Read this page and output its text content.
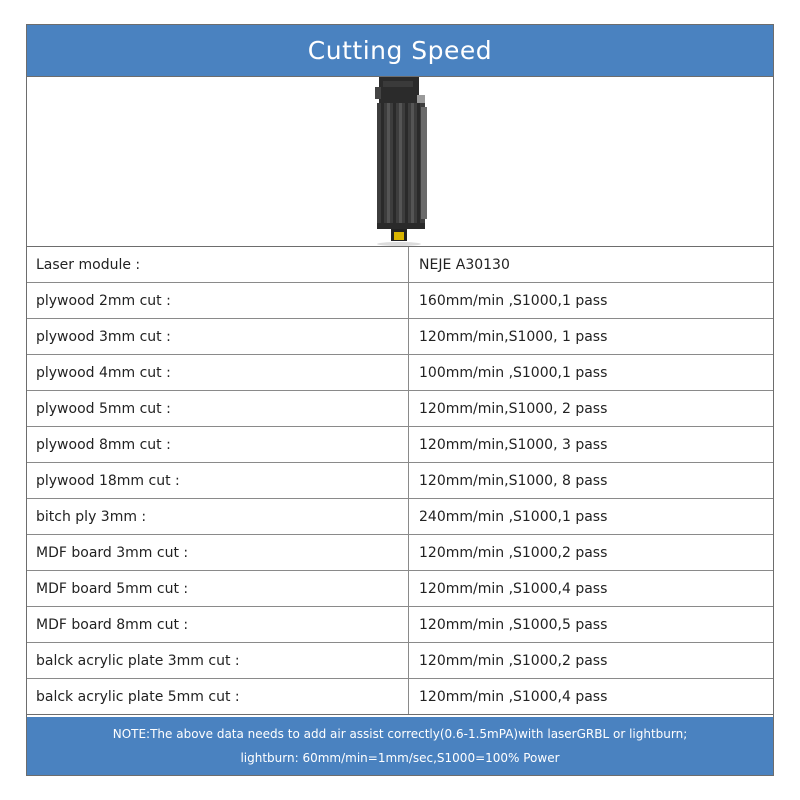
Cutting Speed
Laser module :	NEJE A30130
plywood 2mm cut :	160mm/min ,S1000,1 pass
plywood 3mm cut :	120mm/min,S1000, 1 pass
plywood 4mm cut :	100mm/min ,S1000,1 pass
plywood 5mm cut :	120mm/min,S1000, 2 pass
plywood 8mm cut :	120mm/min,S1000, 3 pass
plywood 18mm cut :	120mm/min,S1000, 8 pass
bitch ply 3mm :	240mm/min ,S1000,1 pass
MDF board 3mm cut :	120mm/min ,S1000,2 pass
MDF board 5mm cut :	120mm/min ,S1000,4 pass
MDF board 8mm cut :	120mm/min ,S1000,5 pass
balck acrylic plate 3mm cut :	120mm/min ,S1000,2 pass
balck acrylic plate 5mm cut :	120mm/min ,S1000,4 pass
NOTE:The above data needs to add air assist correctly(0.6-1.5mPA)with laserGRBL or lightburn;
lightburn: 60mm/min=1mm/sec,S1000=100% Power
